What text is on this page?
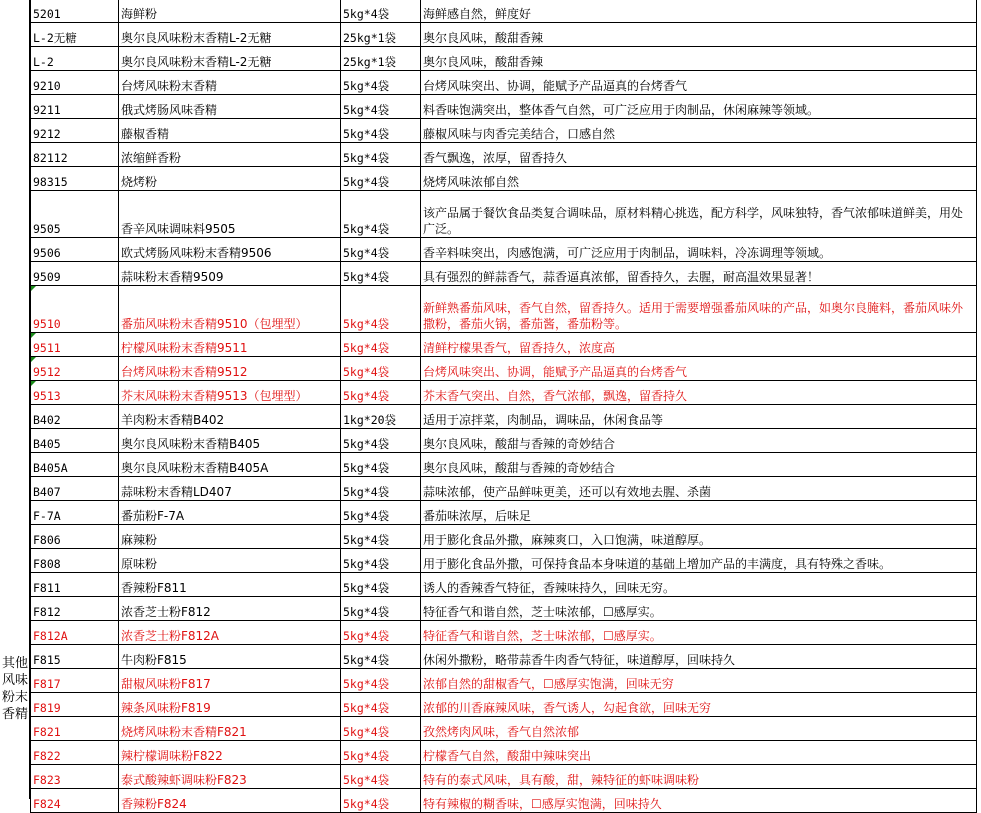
其他风味粉末香精
5201	海鲜粉	5kg*4袋	海鲜感自然，鲜度好
L-2无糖	奥尔良风味粉末香精L-2无糖	25kg*1袋	奥尔良风味，酸甜香辣
L-2	奥尔良风味粉末香精L-2无糖	25kg*1袋	奥尔良风味，酸甜香辣
9210	台烤风味粉末香精	5kg*4袋	台烤风味突出、协调，能赋予产品逼真的台烤香气
9211	俄式烤肠风味香精	5kg*4袋	料香味饱满突出，整体香气自然，可广泛应用于肉制品，休闲麻辣等领域。
9212	藤椒香精	5kg*4袋	藤椒风味与肉香完美结合，口感自然
82112	浓缩鲜香粉	5kg*4袋	香气飘逸，浓厚，留香持久
98315	烧烤粉	5kg*4袋	烧烤风味浓郁自然
9505	香辛风味调味料9505	5kg*4袋	该产品属于餐饮食品类复合调味品，原材料精心挑选，配方科学，风味独特，香气浓郁味道鲜美，用处广泛。
9506	欧式烤肠风味粉末香精9506	5kg*4袋	香辛料味突出，肉感饱满，可广泛应用于肉制品，调味料，冷冻调理等领域。
9509	蒜味粉末香精9509	5kg*4袋	具有强烈的鲜蒜香气，蒜香逼真浓郁，留香持久，去腥，耐高温效果显著！
9510	番茄风味粉末香精9510（包埋型）	5kg*4袋	新鲜熟番茄风味，香气自然，留香持久。适用于需要增强番茄风味的产品，如奥尔良腌料，番茄风味外撒粉，番茄火锅，番茄酱，番茄粉等。
9511	柠檬风味粉末香精9511	5kg*4袋	清鲜柠檬果香气，留香持久，浓度高
9512	台烤风味粉末香精9512	5kg*4袋	台烤风味突出、协调，能赋予产品逼真的台烤香气
9513	芥末风味粉末香精9513（包埋型）	5kg*4袋	芥末香气突出、自然，香气浓郁，飘逸，留香持久
B402	羊肉粉末香精B402	1kg*20袋	适用于凉拌菜，肉制品，调味品，休闲食品等
B405	奥尔良风味粉末香精B405	5kg*4袋	奥尔良风味，酸甜与香辣的奇妙结合
B405A	奥尔良风味粉末香精B405A	5kg*4袋	奥尔良风味，酸甜与香辣的奇妙结合
B407	蒜味粉末香精LD407	5kg*4袋	蒜味浓郁，使产品鲜味更美，还可以有效地去腥、杀菌
F-7A	番茄粉F-7A	5kg*4袋	番茄味浓厚，后味足
F806	麻辣粉	5kg*4袋	用于膨化食品外撒，麻辣爽口，入口饱满，味道醇厚。
F808	原味粉	5kg*4袋	用于膨化食品外撒，可保持食品本身味道的基础上增加产品的丰满度，具有特殊之香味。
F811	香辣粉F811	5kg*4袋	诱人的香辣香气特征，香辣味持久，回味无穷。
F812	浓香芝士粉F812	5kg*4袋	特征香气和谐自然，芝士味浓郁，☐感厚实。
F812A	浓香芝士粉F812A	5kg*4袋	特征香气和谐自然，芝士味浓郁，☐感厚实。
F815	牛肉粉F815	5kg*4袋	休闲外撒粉，略带蒜香牛肉香气特征，味道醇厚，回味持久
F817	甜椒风味粉F817	5kg*4袋	浓郁自然的甜椒香气，☐感厚实饱满，回味无穷
F819	辣条风味粉F819	5kg*4袋	浓郁的川香麻辣风味，香气诱人，勾起食欲，回味无穷
F821	烧烤风味粉末香精F821	5kg*4袋	孜然烤肉风味，香气自然浓郁
F822	辣柠檬调味粉F822	5kg*4袋	柠檬香气自然，酸甜中辣味突出
F823	泰式酸辣虾调味粉F823	5kg*4袋	特有的泰式风味，具有酸，甜，辣特征的虾味调味粉
F824	香辣粉F824	5kg*4袋	特有辣椒的糊香味，☐感厚实饱满，回味持久
